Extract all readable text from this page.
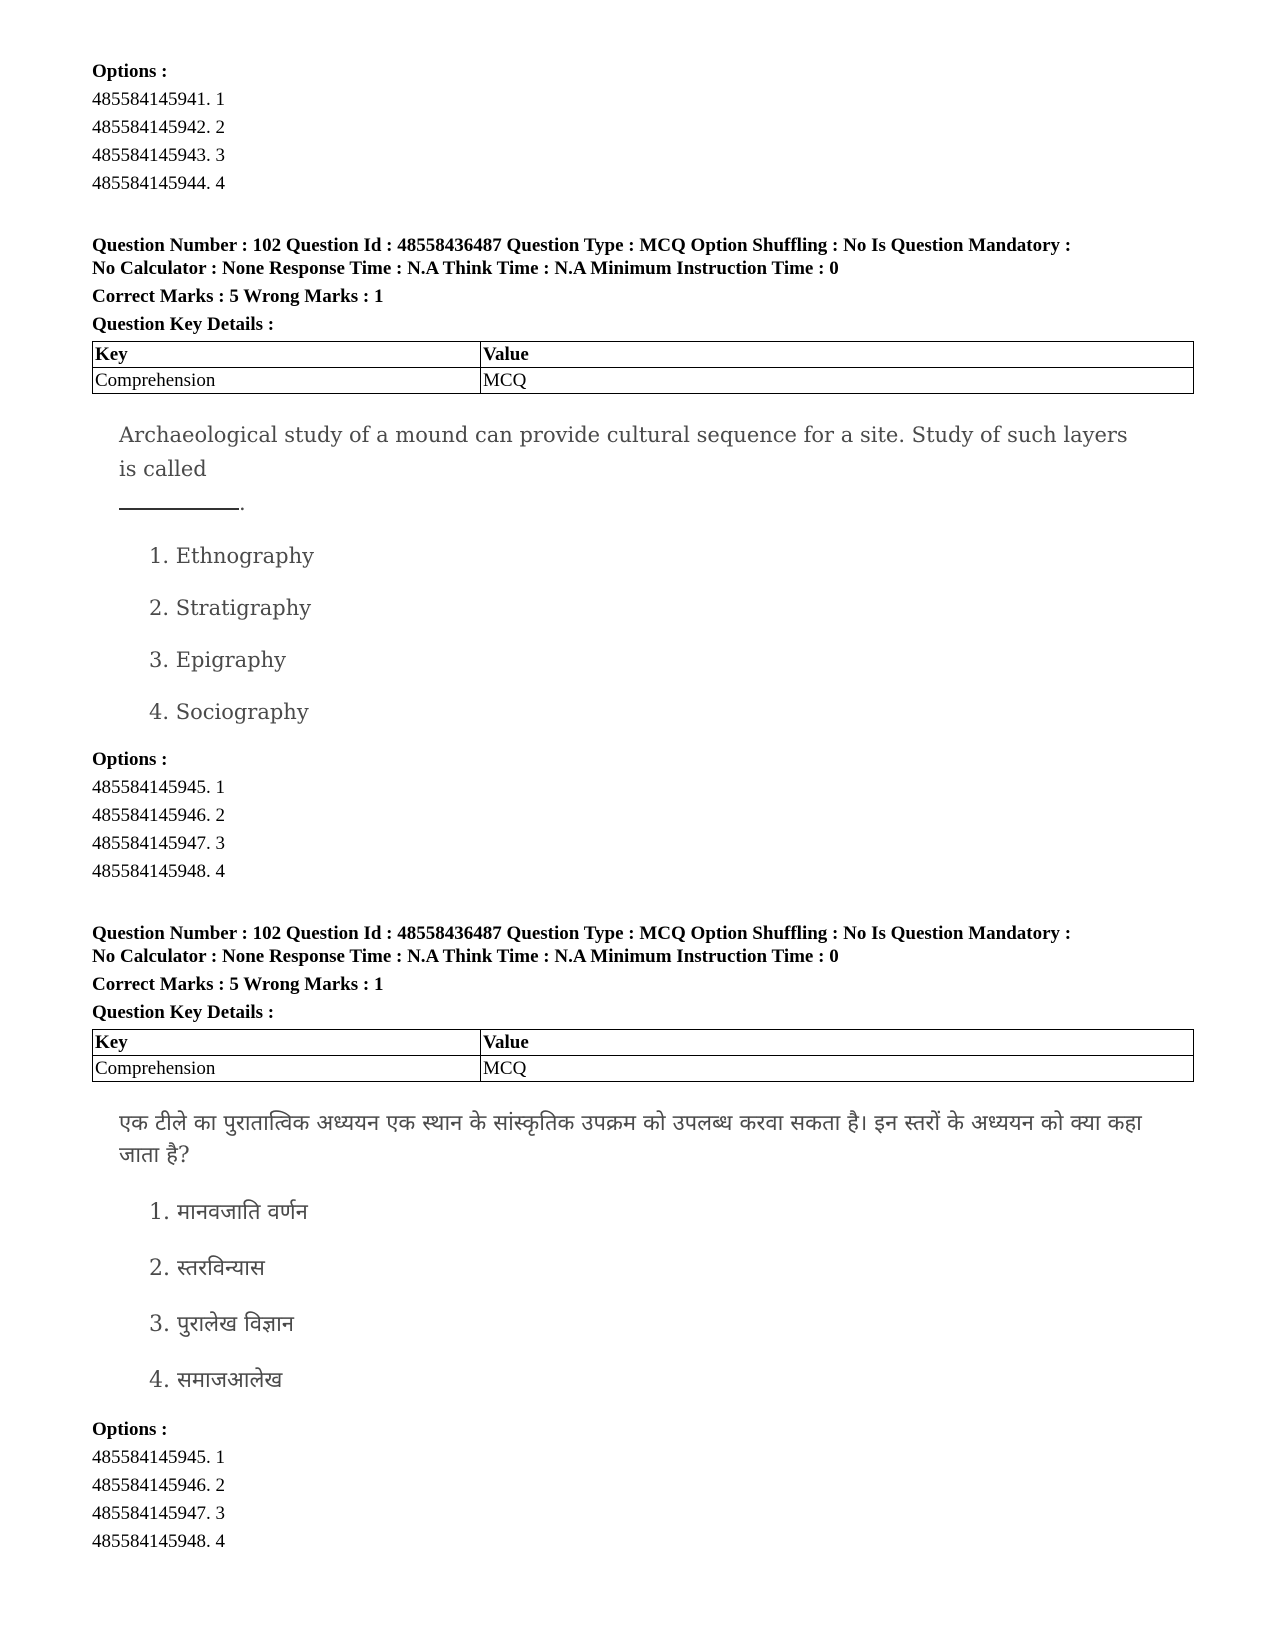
Options :
485584145941. 1
485584145942. 2
485584145943. 3
485584145944. 4
Question Number : 102 Question Id : 48558436487 Question Type : MCQ Option Shuffling : No Is Question Mandatory :
No Calculator : None Response Time : N.A Think Time : N.A Minimum Instruction Time : 0
Correct Marks : 5 Wrong Marks : 1
Question Key Details :
Key	Value
Comprehension	MCQ
Archaeological study of a mound can provide cultural sequence for a site. Study of such layers is called
.
1. Ethnography
2. Stratigraphy
3. Epigraphy
4. Sociography
Options :
485584145945. 1
485584145946. 2
485584145947. 3
485584145948. 4
Question Number : 102 Question Id : 48558436487 Question Type : MCQ Option Shuffling : No Is Question Mandatory :
No Calculator : None Response Time : N.A Think Time : N.A Minimum Instruction Time : 0
Correct Marks : 5 Wrong Marks : 1
Question Key Details :
Key	Value
Comprehension	MCQ
एक टीले का पुरातात्विक अध्ययन एक स्थान के सांस्कृतिक उपक्रम को उपलब्ध करवा सकता है। इन स्तरों के अध्ययन को क्या कहा जाता है?
1. मानवजाति वर्णन
2. स्तरविन्यास
3. पुरालेख विज्ञान
4. समाजआलेख
Options :
485584145945. 1
485584145946. 2
485584145947. 3
485584145948. 4
